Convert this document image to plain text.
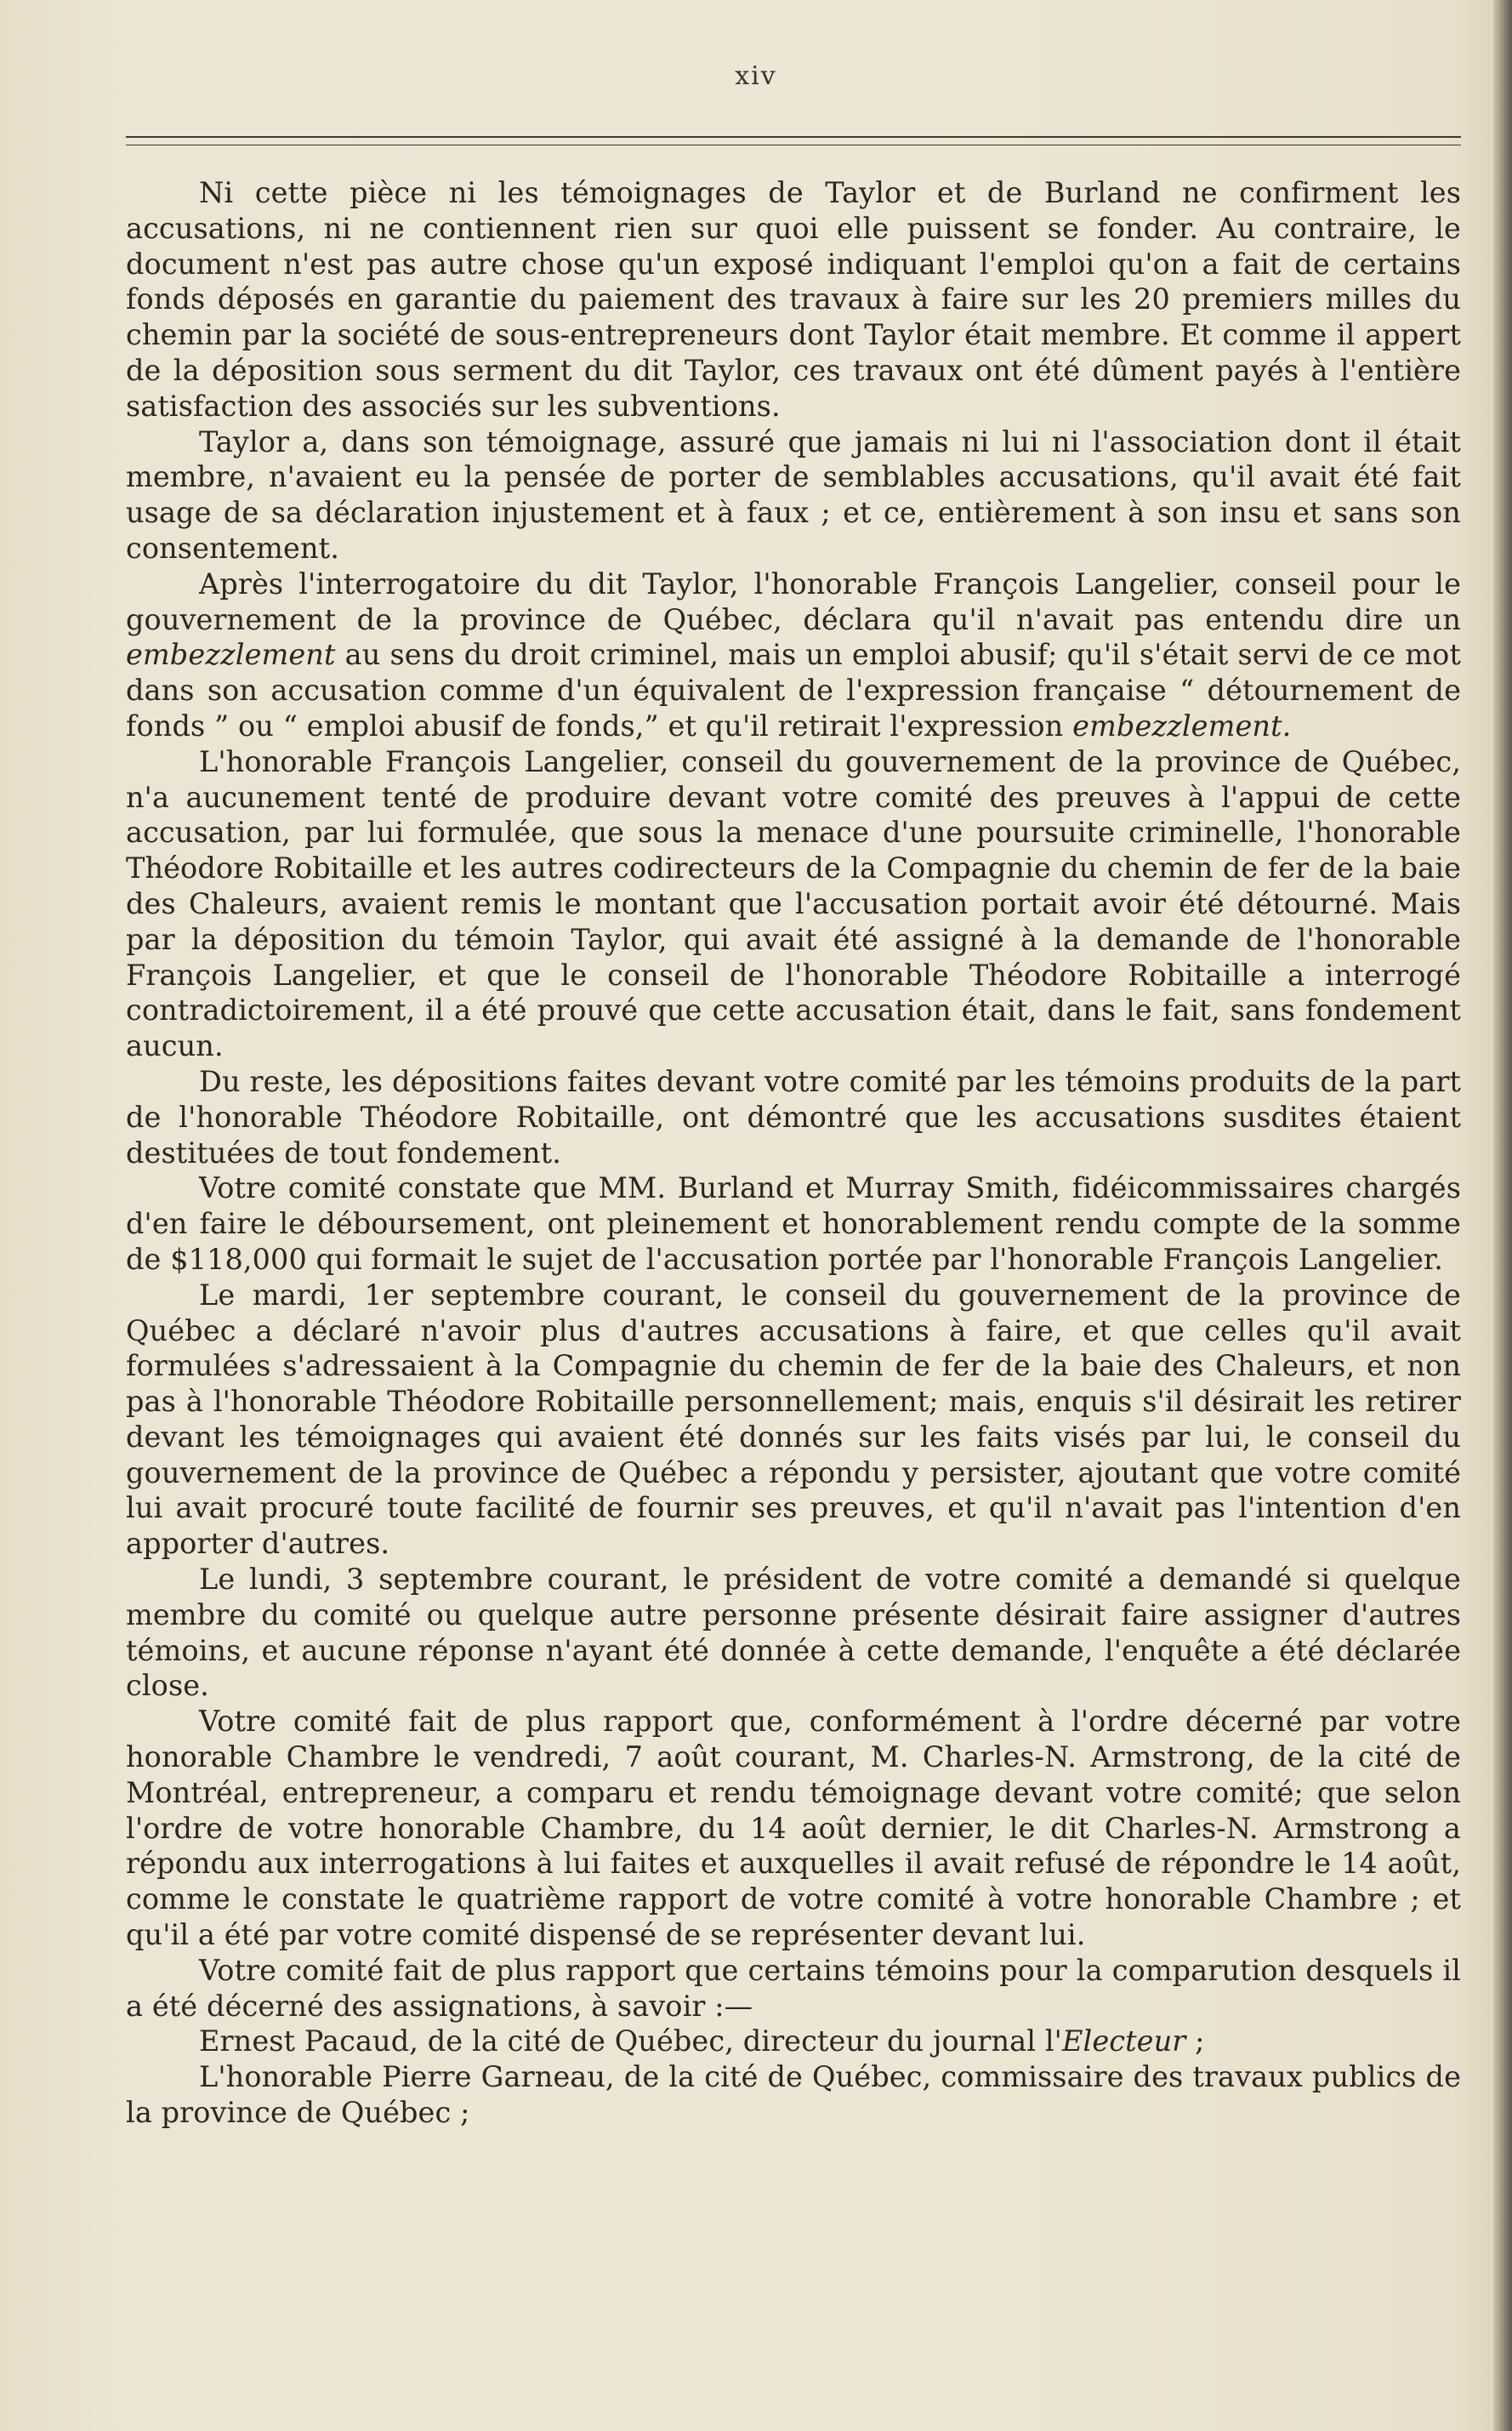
xiv

Ni cette pièce ni les témoignages de Taylor et de Burland ne confirment les accusations, ni ne contiennent rien sur quoi elle puissent se fonder. Au contraire, le document n'est pas autre chose qu'un exposé indiquant l'emploi qu'on a fait de certains fonds déposés en garantie du paiement des travaux à faire sur les 20 premiers milles du chemin par la société de sous-entrepreneurs dont Taylor était membre. Et comme il appert de la déposition sous serment du dit Taylor, ces travaux ont été dûment payés à l'entière satisfaction des associés sur les subventions.

Taylor a, dans son témoignage, assuré que jamais ni lui ni l'association dont il était membre, n'avaient eu la pensée de porter de semblables accusations, qu'il avait été fait usage de sa déclaration injustement et à faux ; et ce, entièrement à son insu et sans son consentement.

Après l'interrogatoire du dit Taylor, l'honorable François Langelier, conseil pour le gouvernement de la province de Québec, déclara qu'il n'avait pas entendu dire un embezzlement au sens du droit criminel, mais un emploi abusif; qu'il s'était servi de ce mot dans son accusation comme d'un équivalent de l'expression française “ détournement de fonds ” ou “ emploi abusif de fonds,” et qu'il retirait l'expression embezzlement.

L'honorable François Langelier, conseil du gouvernement de la province de Québec, n'a aucunement tenté de produire devant votre comité des preuves à l'appui de cette accusation, par lui formulée, que sous la menace d'une poursuite criminelle, l'honorable Théodore Robitaille et les autres codirecteurs de la Compagnie du chemin de fer de la baie des Chaleurs, avaient remis le montant que l'accusation portait avoir été détourné. Mais par la déposition du témoin Taylor, qui avait été assigné à la demande de l'honorable François Langelier, et que le conseil de l'honorable Théodore Robitaille a interrogé contradictoirement, il a été prouvé que cette accusation était, dans le fait, sans fondement aucun.

Du reste, les dépositions faites devant votre comité par les témoins produits de la part de l'honorable Théodore Robitaille, ont démontré que les accusations susdites étaient destituées de tout fondement.

Votre comité constate que MM. Burland et Murray Smith, fidéicommissaires chargés d'en faire le déboursement, ont pleinement et honorablement rendu compte de la somme de $118,000 qui formait le sujet de l'accusation portée par l'honorable François Langelier.

Le mardi, 1er septembre courant, le conseil du gouvernement de la province de Québec a déclaré n'avoir plus d'autres accusations à faire, et que celles qu'il avait formulées s'adressaient à la Compagnie du chemin de fer de la baie des Chaleurs, et non pas à l'honorable Théodore Robitaille personnellement; mais, enquis s'il désirait les retirer devant les témoignages qui avaient été donnés sur les faits visés par lui, le conseil du gouvernement de la province de Québec a répondu y persister, ajoutant que votre comité lui avait procuré toute facilité de fournir ses preuves, et qu'il n'avait pas l'intention d'en apporter d'autres.

Le lundi, 3 septembre courant, le président de votre comité a demandé si quelque membre du comité ou quelque autre personne présente désirait faire assigner d'autres témoins, et aucune réponse n'ayant été donnée à cette demande, l'enquête a été déclarée close.

Votre comité fait de plus rapport que, conformément à l'ordre décerné par votre honorable Chambre le vendredi, 7 août courant, M. Charles-N. Armstrong, de la cité de Montréal, entrepreneur, a comparu et rendu témoignage devant votre comité; que selon l'ordre de votre honorable Chambre, du 14 août dernier, le dit Charles-N. Armstrong a répondu aux interrogations à lui faites et auxquelles il avait refusé de répondre le 14 août, comme le constate le quatrième rapport de votre comité à votre honorable Chambre ; et qu'il a été par votre comité dispensé de se représenter devant lui.

Votre comité fait de plus rapport que certains témoins pour la comparution desquels il a été décerné des assignations, à savoir :—

Ernest Pacaud, de la cité de Québec, directeur du journal l'Electeur ;

L'honorable Pierre Garneau, de la cité de Québec, commissaire des travaux publics de la province de Québec ;
